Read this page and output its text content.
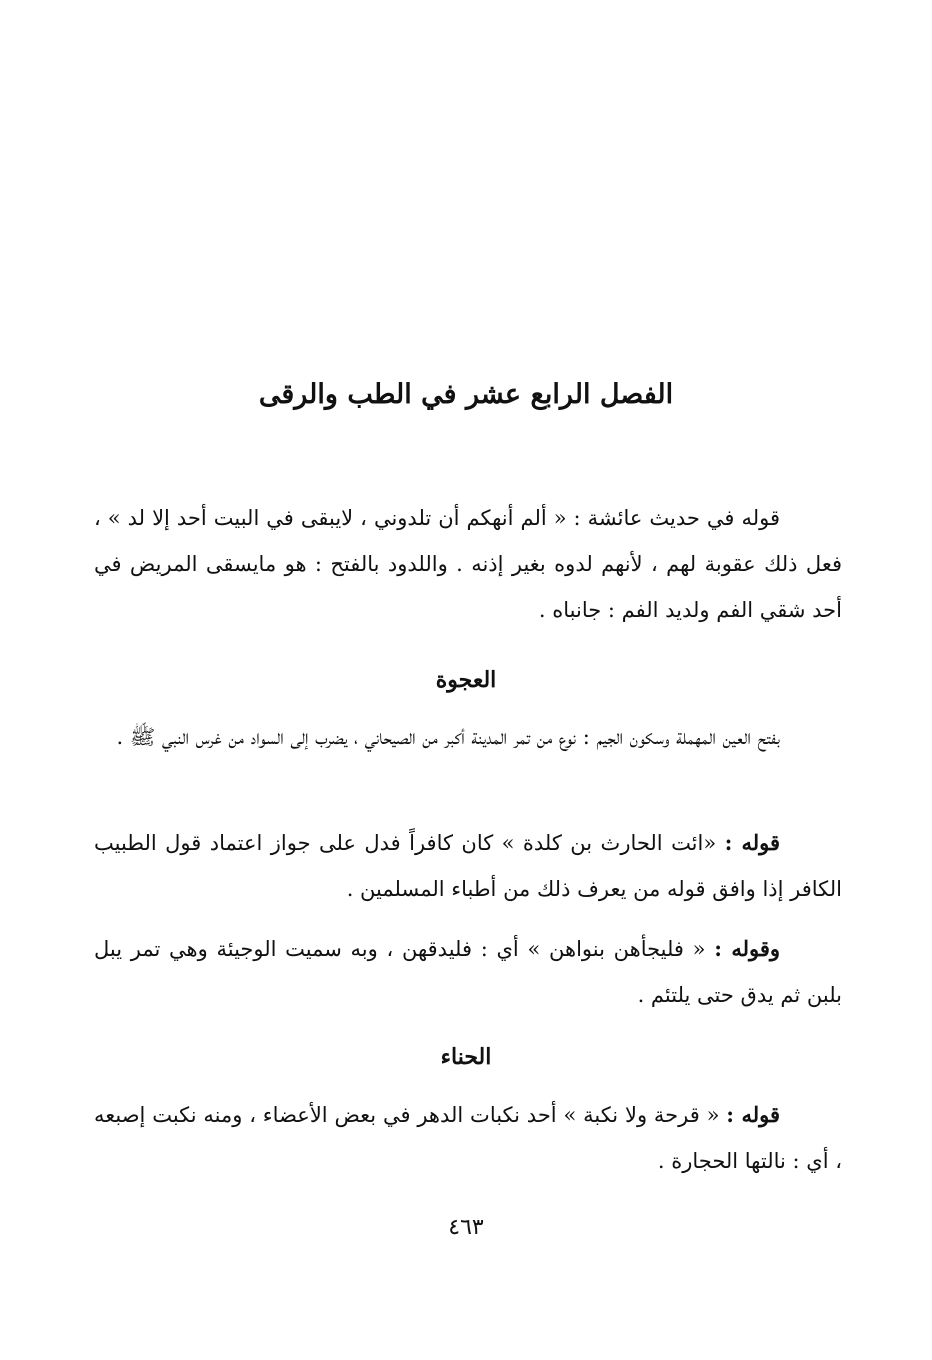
الفصل الرابع عشر في الطب والرقى
قوله في حديث عائشة : « ألم أنهكم أن تلدوني ، لايبقى في البيت أحد إلا لد » ، فعل ذلك عقوبة لهم ، لأنهم لدوه بغير إذنه . واللدود بالفتح : هو مايسقى المريض في أحد شقي الفم ولديد الفم : جانباه .
العجوة
بفتح العين المهملة وسكون الجيم : نوع من تمر المدينة أكبر من الصيحاني ، يضرب إلى السواد من غرس النبي ﷺ .
قوله : «ائت الحارث بن كلدة » كان كافراً فدل على جواز اعتماد قول الطبيب الكافر إذا وافق قوله من يعرف ذلك من أطباء المسلمين .
وقوله : « فليجأهن بنواهن » أي : فليدقهن ، وبه سميت الوجيئة وهي تمر يبل بلبن ثم يدق حتى يلتئم .
الحناء
قوله : « قرحة ولا نكبة » أحد نكبات الدهر في بعض الأعضاء ، ومنه نكبت إصبعه ، أي : نالتها الحجارة .
٤٦٣
